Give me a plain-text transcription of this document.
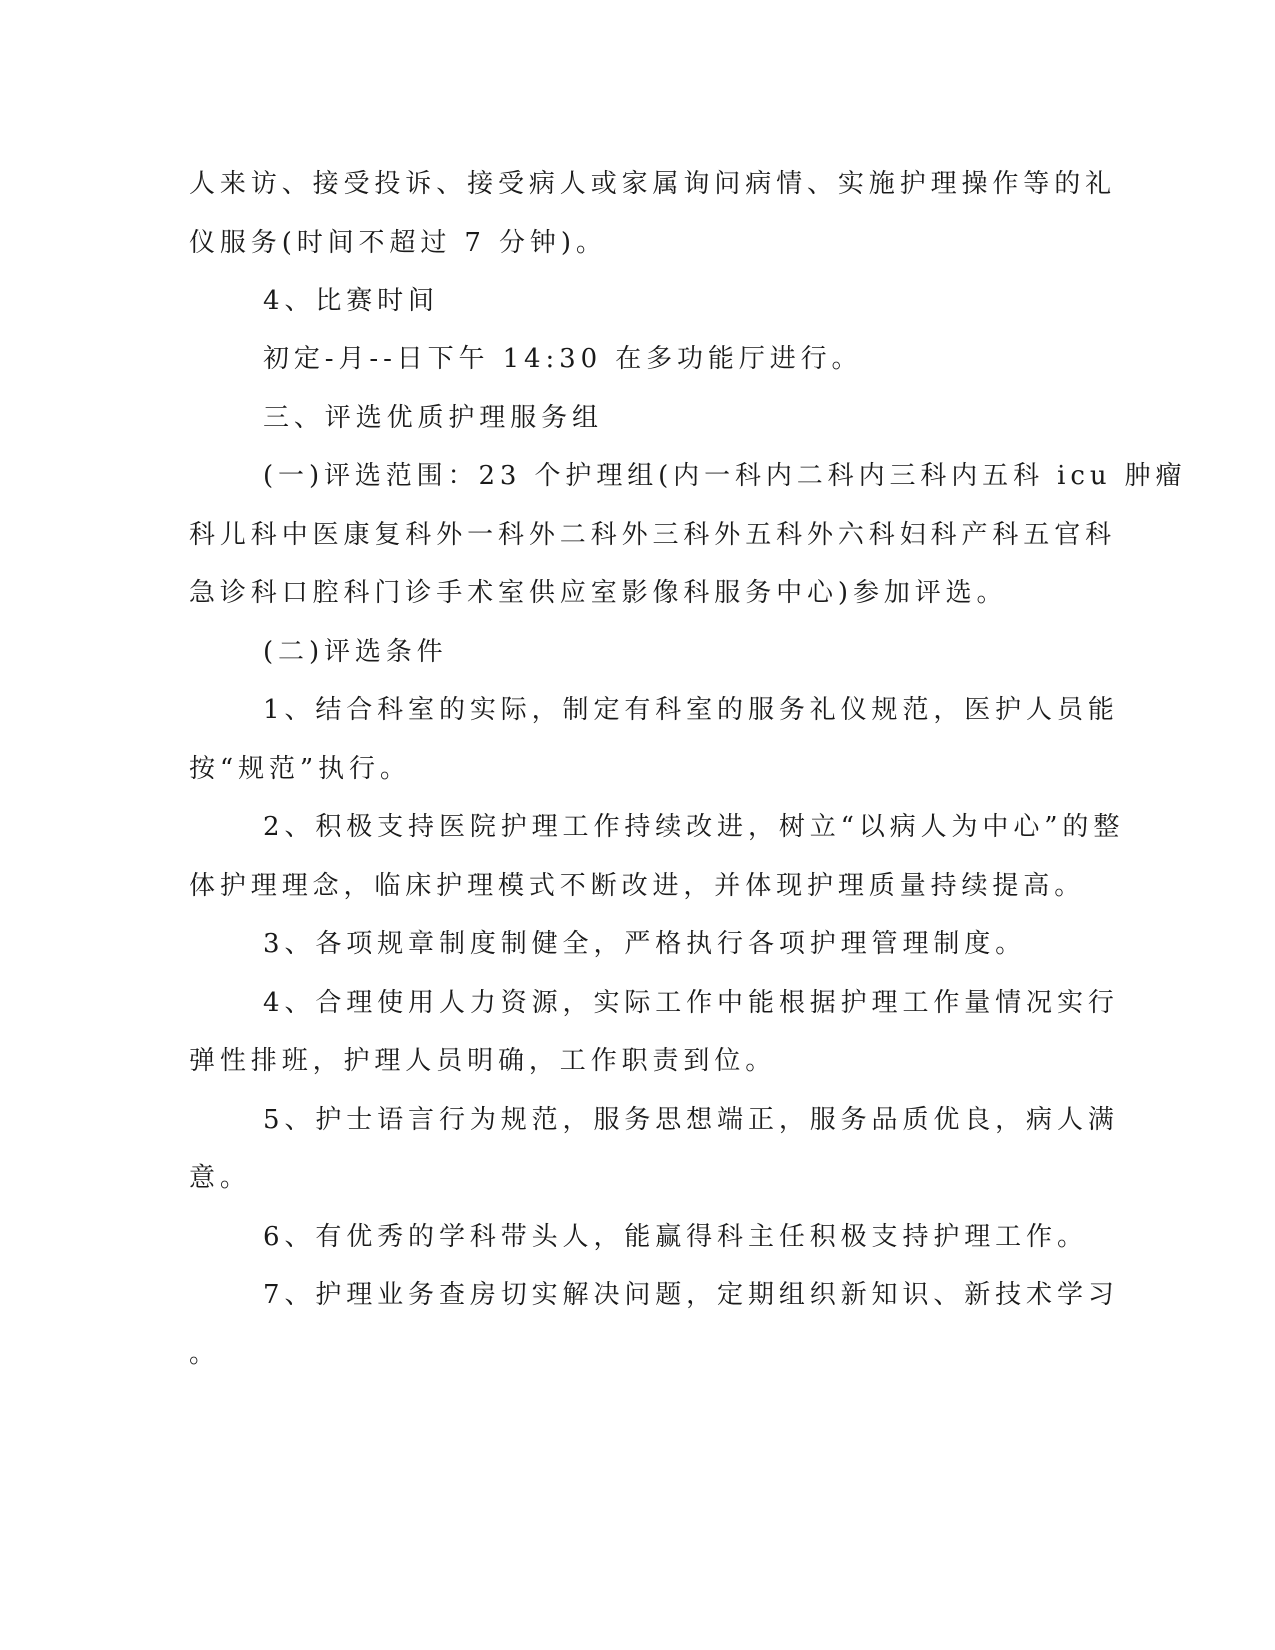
人来访、接受投诉、接受病人或家属询问病情、实施护理操作等的礼
仪服务(时间不超过 7 分钟)。
4、比赛时间
初定-月--日下午 14:30 在多功能厅进行。
三、评选优质护理服务组
(一)评选范围：23 个护理组(内一科内二科内三科内五科 icu 肿瘤
科儿科中医康复科外一科外二科外三科外五科外六科妇科产科五官科
急诊科口腔科门诊手术室供应室影像科服务中心)参加评选。
(二)评选条件
1、结合科室的实际，制定有科室的服务礼仪规范，医护人员能
按“规范”执行。
2、积极支持医院护理工作持续改进，树立“以病人为中心”的整
体护理理念，临床护理模式不断改进，并体现护理质量持续提高。
3、各项规章制度制健全，严格执行各项护理管理制度。
4、合理使用人力资源，实际工作中能根据护理工作量情况实行
弹性排班，护理人员明确，工作职责到位。
5、护士语言行为规范，服务思想端正，服务品质优良，病人满
意。
6、有优秀的学科带头人，能赢得科主任积极支持护理工作。
7、护理业务查房切实解决问题，定期组织新知识、新技术学习
。
